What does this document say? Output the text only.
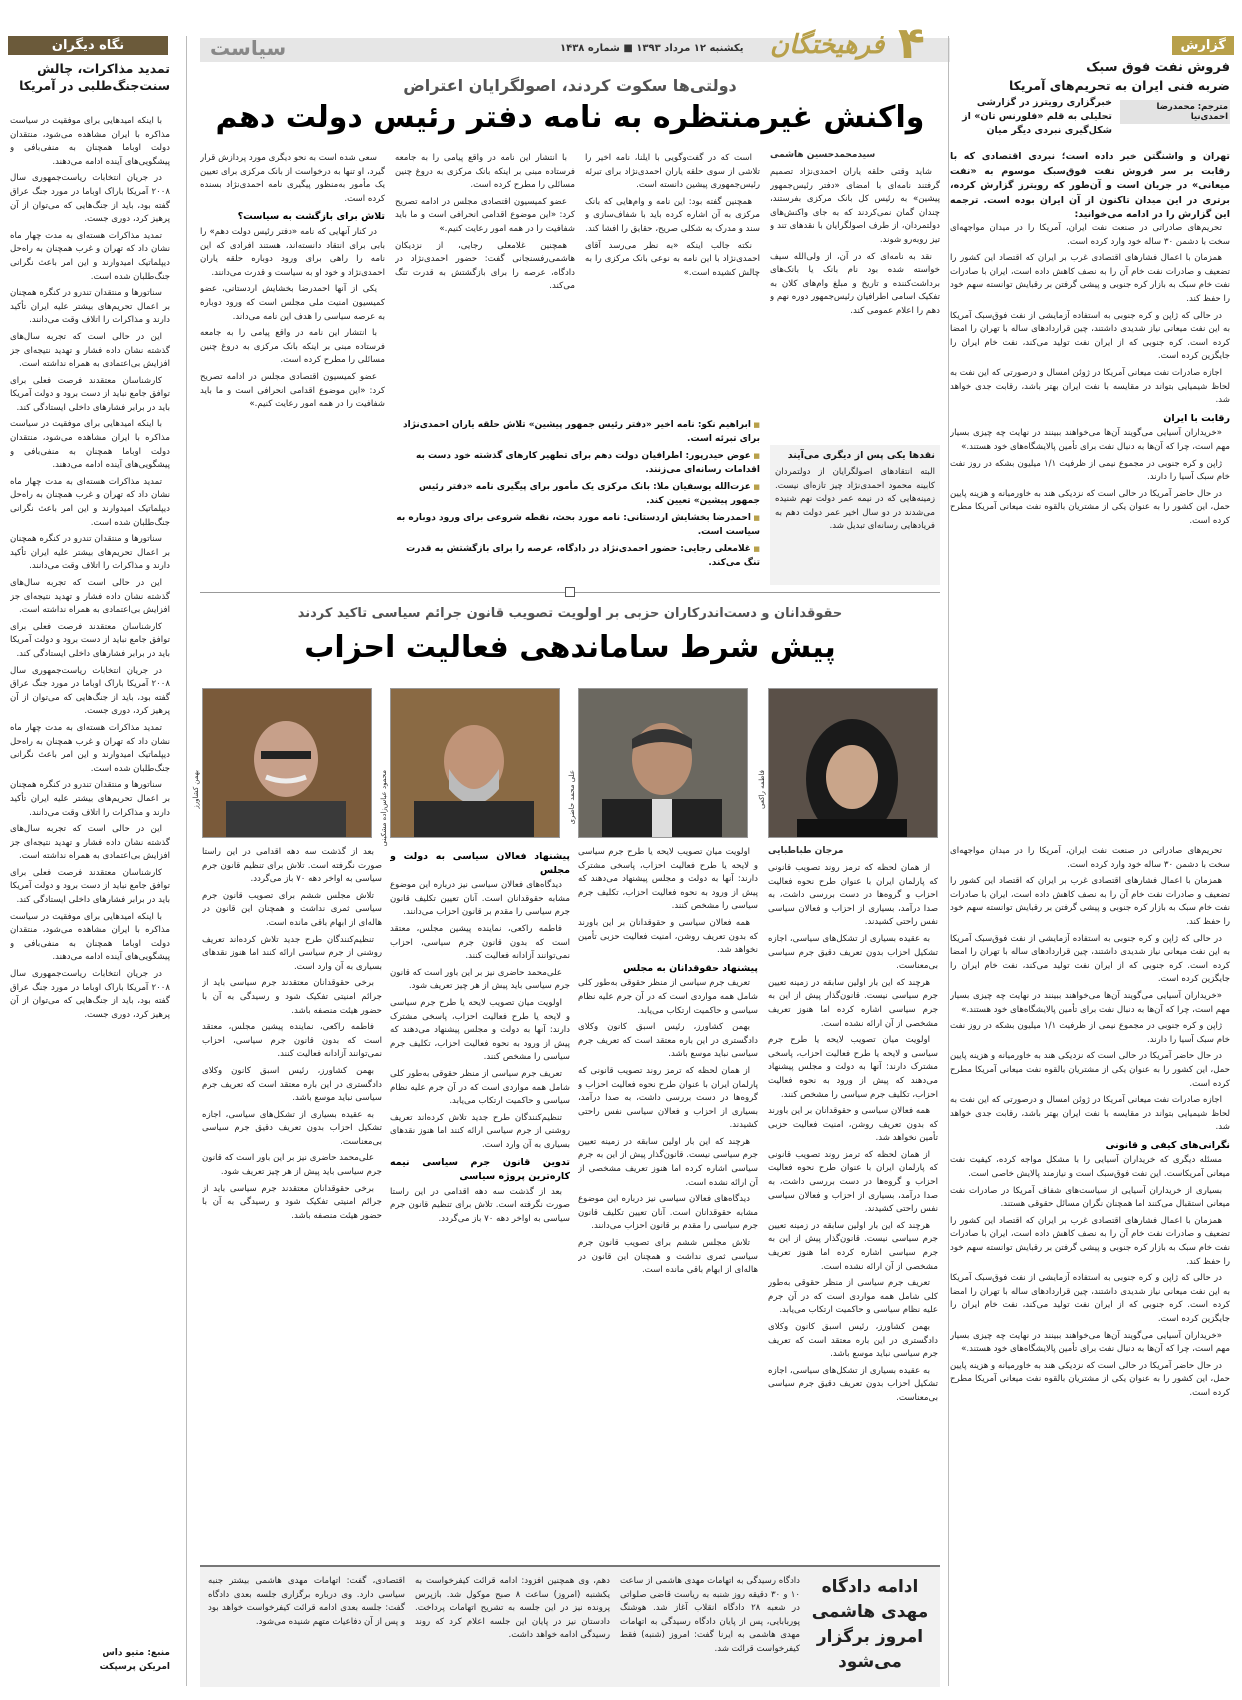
سیاست	یکشنبه ۱۲ مرداد ۱۳۹۳ ■ شماره ۱۴۳۸ فرهیختگان ۴	گزارش
فروش نفت فوق سبک
ضربه فنی ایران به تحریم‌های آمریکا
مترجم: محمدرضا احمدی‌نیا
خبرگزاری رویترز در گزارشی تحلیلی به قلم «فلورنس تان» از شکل‌گیری نبردی دیگر میان
تهران و واشنگتن خبر داده است؛ نبردی اقتصادی که با رقابت بر سر فروش نفت فوق‌سبک موسوم به «نفت میعانی» در جریان است و آن‌طور که رویترز گزارش کرده، برتری در این میدان تاکنون از آن ایران بوده است. ترجمه این گزارش را در ادامه می‌خوانید:

تحریم‌های صادراتی در صنعت نفت ایران، آمریکا را در میدان مواجهه‌ای سخت با دشمن ۳۰ ساله خود وارد کرده است.

همزمان با اعمال فشارهای اقتصادی غرب بر ایران که اقتصاد این کشور را تضعیف و صادرات نفت خام آن را به نصف کاهش داده است، ایران با صادرات نفت خام سبک به بازار کره جنوبی و پیشی گرفتن بر رقبایش توانسته سهم خود را حفظ کند.

در حالی که ژاپن و کره جنوبی به استفاده آزمایشی از نفت فوق‌سبک آمریکا به این نفت میعانی نیاز شدیدی داشتند، چین قراردادهای ساله با تهران را امضا کرده است. کره جنوبی که از ایران نفت تولید می‌کند، نفت خام ایران را جایگزین کرده است.

اجازه صادرات نفت میعانی آمریکا در ژوئن امسال و درصورتی که این نفت به لحاظ شیمیایی بتواند در مقایسه با نفت ایران بهتر باشد، رقابت جدی خواهد شد.

رقابت با ایران

«خریداران آسیایی می‌گویند آن‌ها می‌خواهند ببینند در نهایت چه چیزی بسیار مهم است، چرا که آن‌ها به دنبال نفت برای تأمین پالایشگاه‌های خود هستند.»

ژاپن و کره جنوبی در مجموع نیمی از ظرفیت ۱/۱ میلیون بشکه در روز نفت خام سبک آسیا را دارند.

در حال حاضر آمریکا در حالی است که نزدیکی هند به خاورمیانه و هزینه پایین حمل، این کشور را به عنوان یکی از مشتریان بالقوه نفت میعانی آمریکا مطرح کرده است.

تحریم‌های صادراتی در صنعت نفت ایران، آمریکا را در میدان مواجهه‌ای سخت با دشمن ۳۰ ساله خود وارد کرده است.

همزمان با اعمال فشارهای اقتصادی غرب بر ایران که اقتصاد این کشور را تضعیف و صادرات نفت خام آن را به نصف کاهش داده است، ایران با صادرات نفت خام سبک به بازار کره جنوبی و پیشی گرفتن بر رقبایش توانسته سهم خود را حفظ کند.

در حالی که ژاپن و کره جنوبی به استفاده آزمایشی از نفت فوق‌سبک آمریکا به این نفت میعانی نیاز شدیدی داشتند، چین قراردادهای ساله با تهران را امضا کرده است. کره جنوبی که از ایران نفت تولید می‌کند، نفت خام ایران را جایگزین کرده است.

«خریداران آسیایی می‌گویند آن‌ها می‌خواهند ببینند در نهایت چه چیزی بسیار مهم است، چرا که آن‌ها به دنبال نفت برای تأمین پالایشگاه‌های خود هستند.»

ژاپن و کره جنوبی در مجموع نیمی از ظرفیت ۱/۱ میلیون بشکه در روز نفت خام سبک آسیا را دارند.

در حال حاضر آمریکا در حالی است که نزدیکی هند به خاورمیانه و هزینه پایین حمل، این کشور را به عنوان یکی از مشتریان بالقوه نفت میعانی آمریکا مطرح کرده است.

اجازه صادرات نفت میعانی آمریکا در ژوئن امسال و درصورتی که این نفت به لحاظ شیمیایی بتواند در مقایسه با نفت ایران بهتر باشد، رقابت جدی خواهد شد.

نگرانی‌های کیفی و قانونی

مسئله دیگری که خریداران آسیایی را با مشکل مواجه کرده، کیفیت نفت میعانی آمریکاست. این نفت فوق‌سبک است و نیازمند پالایش خاصی است.

بسیاری از خریداران آسیایی از سیاست‌های شفاف آمریکا در صادرات نفت میعانی استقبال می‌کنند اما همچنان نگران مسائل حقوقی هستند.

همزمان با اعمال فشارهای اقتصادی غرب بر ایران که اقتصاد این کشور را تضعیف و صادرات نفت خام آن را به نصف کاهش داده است، ایران با صادرات نفت خام سبک به بازار کره جنوبی و پیشی گرفتن بر رقبایش توانسته سهم خود را حفظ کند.

در حالی که ژاپن و کره جنوبی به استفاده آزمایشی از نفت فوق‌سبک آمریکا به این نفت میعانی نیاز شدیدی داشتند، چین قراردادهای ساله با تهران را امضا کرده است. کره جنوبی که از ایران نفت تولید می‌کند، نفت خام ایران را جایگزین کرده است.

«خریداران آسیایی می‌گویند آن‌ها می‌خواهند ببینند در نهایت چه چیزی بسیار مهم است، چرا که آن‌ها به دنبال نفت برای تأمین پالایشگاه‌های خود هستند.»

در حال حاضر آمریکا در حالی است که نزدیکی هند به خاورمیانه و هزینه پایین حمل، این کشور را به عنوان یکی از مشتریان بالقوه نفت میعانی آمریکا مطرح کرده است.

نگاه دیگران
تمدید مذاکرات، چالش سنت‌جنگ‌طلبی در آمریکا

با اینکه امیدهایی برای موفقیت در سیاست مذاکره با ایران مشاهده می‌شود، منتقدان دولت اوباما همچنان به منفی‌بافی و پیشگویی‌های آینده ادامه می‌دهند.

در جریان انتخابات ریاست‌جمهوری سال ۲۰۰۸ آمریکا باراک اوباما در مورد جنگ عراق گفته بود، باید از جنگ‌هایی که می‌توان از آن پرهیز کرد، دوری جست.

تمدید مذاکرات هسته‌ای به مدت چهار ماه نشان داد که تهران و غرب همچنان به راه‌حل دیپلماتیک امیدوارند و این امر باعث نگرانی جنگ‌طلبان شده است.

سناتورها و منتقدان تندرو در کنگره همچنان بر اعمال تحریم‌های بیشتر علیه ایران تأکید دارند و مذاکرات را اتلاف وقت می‌دانند.

این در حالی است که تجربه سال‌های گذشته نشان داده فشار و تهدید نتیجه‌ای جز افزایش بی‌اعتمادی به همراه نداشته است.

کارشناسان معتقدند فرصت فعلی برای توافق جامع نباید از دست برود و دولت آمریکا باید در برابر فشارهای داخلی ایستادگی کند.

با اینکه امیدهایی برای موفقیت در سیاست مذاکره با ایران مشاهده می‌شود، منتقدان دولت اوباما همچنان به منفی‌بافی و پیشگویی‌های آینده ادامه می‌دهند.

تمدید مذاکرات هسته‌ای به مدت چهار ماه نشان داد که تهران و غرب همچنان به راه‌حل دیپلماتیک امیدوارند و این امر باعث نگرانی جنگ‌طلبان شده است.

سناتورها و منتقدان تندرو در کنگره همچنان بر اعمال تحریم‌های بیشتر علیه ایران تأکید دارند و مذاکرات را اتلاف وقت می‌دانند.

این در حالی است که تجربه سال‌های گذشته نشان داده فشار و تهدید نتیجه‌ای جز افزایش بی‌اعتمادی به همراه نداشته است.

کارشناسان معتقدند فرصت فعلی برای توافق جامع نباید از دست برود و دولت آمریکا باید در برابر فشارهای داخلی ایستادگی کند.

در جریان انتخابات ریاست‌جمهوری سال ۲۰۰۸ آمریکا باراک اوباما در مورد جنگ عراق گفته بود، باید از جنگ‌هایی که می‌توان از آن پرهیز کرد، دوری جست.

تمدید مذاکرات هسته‌ای به مدت چهار ماه نشان داد که تهران و غرب همچنان به راه‌حل دیپلماتیک امیدوارند و این امر باعث نگرانی جنگ‌طلبان شده است.

سناتورها و منتقدان تندرو در کنگره همچنان بر اعمال تحریم‌های بیشتر علیه ایران تأکید دارند و مذاکرات را اتلاف وقت می‌دانند.

این در حالی است که تجربه سال‌های گذشته نشان داده فشار و تهدید نتیجه‌ای جز افزایش بی‌اعتمادی به همراه نداشته است.

کارشناسان معتقدند فرصت فعلی برای توافق جامع نباید از دست برود و دولت آمریکا باید در برابر فشارهای داخلی ایستادگی کند.

با اینکه امیدهایی برای موفقیت در سیاست مذاکره با ایران مشاهده می‌شود، منتقدان دولت اوباما همچنان به منفی‌بافی و پیشگویی‌های آینده ادامه می‌دهند.

در جریان انتخابات ریاست‌جمهوری سال ۲۰۰۸ آمریکا باراک اوباما در مورد جنگ عراق گفته بود، باید از جنگ‌هایی که می‌توان از آن پرهیز کرد، دوری جست.

منبع: متیو داس
امریکن پرسپکت
دولتی‌ها سکوت کردند، اصولگرایان اعتراض
واکنش غیرمنتظره به نامه دفتر رئیس دولت دهم
سیدمحمدحسین هاشمی

شاید وقتی حلقه یاران احمدی‌نژاد تصمیم گرفتند نامه‌ای با امضای «دفتر رئیس‌جمهور پیشین» به رئیس کل بانک مرکزی بفرستند، چندان گمان نمی‌کردند که به جای واکنش‌های دولتمردان، از طرف اصولگرایان با نقدهای تند و تیز روبه‌رو شوند.

نقد به نامه‌ای که در آن، از ولی‌الله سیف خواسته شده بود نام بانک یا بانک‌های برداشت‌کننده و تاریخ و مبلغ وام‌های کلان به تفکیک اسامی اطرافیان رئیس‌جمهور دوره نهم و دهم را اعلام عمومی کند.

است که در گفت‌وگویی با ایلنا، نامه اخیر را تلاشی از سوی حلقه یاران احمدی‌نژاد برای تبرئه رئیس‌جمهوری پیشین دانسته است.

همچنین گفته بود: این نامه و وام‌هایی که بانک مرکزی به آن اشاره کرده باید با شفاف‌سازی و سند و مدرک به شکلی صریح، حقایق را افشا کند.

نکته جالب اینکه «به نظر می‌رسد آقای احمدی‌نژاد با این نامه به نوعی بانک مرکزی را به چالش کشیده است.»

با انتشار این نامه در واقع پیامی را به جامعه فرستاده مبنی بر اینکه بانک مرکزی به دروغ چنین مسائلی را مطرح کرده است.

عضو کمیسیون اقتصادی مجلس در ادامه تصریح کرد: «این موضوع اقدامی انحرافی است و ما باید شفافیت را در همه امور رعایت کنیم.»

همچنین غلامعلی رجایی، از نزدیکان هاشمی‌رفسنجانی گفت: حضور احمدی‌نژاد در دادگاه، عرصه را برای بازگشتش به قدرت تنگ می‌کند.

سعی شده است به نحو دیگری مورد پردازش قرار گیرد، او تنها به درخواست از بانک مرکزی برای تعیین یک مأمور به‌منظور پیگیری نامه احمدی‌نژاد بسنده کرده است.

تلاش برای بازگشت به سیاست؟

در کنار آنهایی که نامه «دفتر رئیس دولت دهم» را بابی برای انتقاد دانسته‌اند، هستند افرادی که این نامه را راهی برای ورود دوباره حلقه یاران احمدی‌نژاد و خود او به سیاست و قدرت می‌دانند.

یکی از آنها احمدرضا بخشایش اردستانی، عضو کمیسیون امنیت ملی مجلس است که ورود دوباره به عرصه سیاسی را هدف این نامه می‌داند.

با انتشار این نامه در واقع پیامی را به جامعه فرستاده مبنی بر اینکه بانک مرکزی به دروغ چنین مسائلی را مطرح کرده است.

عضو کمیسیون اقتصادی مجلس در ادامه تصریح کرد: «این موضوع اقدامی انحرافی است و ما باید شفافیت را در همه امور رعایت کنیم.»

نقدها یکی پس از دیگری می‌آیند
البته انتقادهای اصولگرایان از دولتمردان کابینه محمود احمدی‌نژاد چیز تازه‌ای نیست. زمینه‌هایی که در نیمه عمر دولت نهم شنیده می‌شدند در دو سال اخیر عمر دولت دهم به فریادهایی رسانه‌ای تبدیل شد.
■ ابراهیم نکو: نامه اخیر «دفتر رئیس جمهور پیشین» تلاش حلقه یاران احمدی‌نژاد برای تبرئه است.
■ عوض حیدرپور: اطرافیان دولت دهم برای تطهیر کارهای گذشته خود دست به اقدامات رسانه‌ای می‌زنند.
■ عزت‌الله یوسفیان ملا: بانک مرکزی یک مأمور برای پیگیری نامه «دفتر رئیس جمهور پیشین» تعیین کند.
■ احمدرضا بخشایش اردستانی: نامه مورد بحث، نقطه شروعی برای ورود دوباره به سیاست است.
■ غلامعلی رجایی: حضور احمدی‌نژاد در دادگاه، عرصه را برای بازگشتش به قدرت تنگ می‌کند.
حقوقدانان و دست‌اندرکاران حزبی بر اولویت تصویب قانون جرائم سیاسی تاکید کردند
پیش شرط ساماندهی فعالیت احزاب
فاطمه راکعی
علی محمد حاضری
محمود عباس‌زاده مشکینی
بهمن کشاورز
مرجان طباطبایی

از همان لحظه که ترمز روند تصویب قانونی که پارلمان ایران با عنوان طرح نحوه فعالیت احزاب و گروه‌ها در دست بررسی داشت، به صدا درآمد، بسیاری از احزاب و فعالان سیاسی نفس راحتی کشیدند.

به عقیده بسیاری از تشکل‌های سیاسی، اجازه تشکیل احزاب بدون تعریف دقیق جرم سیاسی بی‌معناست.

هرچند که این بار اولین سابقه در زمینه تعیین جرم سیاسی نیست. قانون‌گذار پیش از این به جرم سیاسی اشاره کرده اما هنوز تعریف مشخصی از آن ارائه نشده است.

اولویت میان تصویب لایحه یا طرح جرم سیاسی و لایحه یا طرح فعالیت احزاب، پاسخی مشترک دارند: آنها به دولت و مجلس پیشنهاد می‌دهند که پیش از ورود به نحوه فعالیت احزاب، تکلیف جرم سیاسی را مشخص کنند.

همه فعالان سیاسی و حقوقدانان بر این باورند که بدون تعریف روشن، امنیت فعالیت حزبی تأمین نخواهد شد.

از همان لحظه که ترمز روند تصویب قانونی که پارلمان ایران با عنوان طرح نحوه فعالیت احزاب و گروه‌ها در دست بررسی داشت، به صدا درآمد، بسیاری از احزاب و فعالان سیاسی نفس راحتی کشیدند.

هرچند که این بار اولین سابقه در زمینه تعیین جرم سیاسی نیست. قانون‌گذار پیش از این به جرم سیاسی اشاره کرده اما هنوز تعریف مشخصی از آن ارائه نشده است.

تعریف جرم سیاسی از منظر حقوقی به‌طور کلی شامل همه مواردی است که در آن جرم علیه نظام سیاسی و حاکمیت ارتکاب می‌یابد.

بهمن کشاورز، رئیس اسبق کانون وکلای دادگستری در این باره معتقد است که تعریف جرم سیاسی نباید موسع باشد.

به عقیده بسیاری از تشکل‌های سیاسی، اجازه تشکیل احزاب بدون تعریف دقیق جرم سیاسی بی‌معناست.

اولویت میان تصویب لایحه یا طرح جرم سیاسی و لایحه یا طرح فعالیت احزاب، پاسخی مشترک دارند: آنها به دولت و مجلس پیشنهاد می‌دهند که پیش از ورود به نحوه فعالیت احزاب، تکلیف جرم سیاسی را مشخص کنند.

همه فعالان سیاسی و حقوقدانان بر این باورند که بدون تعریف روشن، امنیت فعالیت حزبی تأمین نخواهد شد.

پیشنهاد حقوقدانان به مجلس

تعریف جرم سیاسی از منظر حقوقی به‌طور کلی شامل همه مواردی است که در آن جرم علیه نظام سیاسی و حاکمیت ارتکاب می‌یابد.

بهمن کشاورز، رئیس اسبق کانون وکلای دادگستری در این باره معتقد است که تعریف جرم سیاسی نباید موسع باشد.

از همان لحظه که ترمز روند تصویب قانونی که پارلمان ایران با عنوان طرح نحوه فعالیت احزاب و گروه‌ها در دست بررسی داشت، به صدا درآمد، بسیاری از احزاب و فعالان سیاسی نفس راحتی کشیدند.

هرچند که این بار اولین سابقه در زمینه تعیین جرم سیاسی نیست. قانون‌گذار پیش از این به جرم سیاسی اشاره کرده اما هنوز تعریف مشخصی از آن ارائه نشده است.

دیدگاه‌های فعالان سیاسی نیز درباره این موضوع مشابه حقوقدانان است. آنان تعیین تکلیف قانون جرم سیاسی را مقدم بر قانون احزاب می‌دانند.

تلاش مجلس ششم برای تصویب قانون جرم سیاسی ثمری نداشت و همچنان این قانون در هاله‌ای از ابهام باقی مانده است.

پیشنهاد فعالان سیاسی به دولت و مجلس

دیدگاه‌های فعالان سیاسی نیز درباره این موضوع مشابه حقوقدانان است. آنان تعیین تکلیف قانون جرم سیاسی را مقدم بر قانون احزاب می‌دانند.

فاطمه راکعی، نماینده پیشین مجلس، معتقد است که بدون قانون جرم سیاسی، احزاب نمی‌توانند آزادانه فعالیت کنند.

علی‌محمد حاضری نیز بر این باور است که قانون جرم سیاسی باید پیش از هر چیز تعریف شود.

اولویت میان تصویب لایحه یا طرح جرم سیاسی و لایحه یا طرح فعالیت احزاب، پاسخی مشترک دارند: آنها به دولت و مجلس پیشنهاد می‌دهند که پیش از ورود به نحوه فعالیت احزاب، تکلیف جرم سیاسی را مشخص کنند.

تعریف جرم سیاسی از منظر حقوقی به‌طور کلی شامل همه مواردی است که در آن جرم علیه نظام سیاسی و حاکمیت ارتکاب می‌یابد.

تنظیم‌کنندگان طرح جدید تلاش کرده‌اند تعریف روشنی از جرم سیاسی ارائه کنند اما هنوز نقدهای بسیاری به آن وارد است.

تدوین قانون جرم سیاسی نیمه کاره‌ترین پروژه سیاسی

بعد از گذشت سه دهه اقدامی در این راستا صورت نگرفته است. تلاش برای تنظیم قانون جرم سیاسی به اواخر دهه ۷۰ باز می‌گردد.

بعد از گذشت سه دهه اقدامی در این راستا صورت نگرفته است. تلاش برای تنظیم قانون جرم سیاسی به اواخر دهه ۷۰ باز می‌گردد.

تلاش مجلس ششم برای تصویب قانون جرم سیاسی ثمری نداشت و همچنان این قانون در هاله‌ای از ابهام باقی مانده است.

تنظیم‌کنندگان طرح جدید تلاش کرده‌اند تعریف روشنی از جرم سیاسی ارائه کنند اما هنوز نقدهای بسیاری به آن وارد است.

برخی حقوقدانان معتقدند جرم سیاسی باید از جرائم امنیتی تفکیک شود و رسیدگی به آن با حضور هیئت منصفه باشد.

فاطمه راکعی، نماینده پیشین مجلس، معتقد است که بدون قانون جرم سیاسی، احزاب نمی‌توانند آزادانه فعالیت کنند.

بهمن کشاورز، رئیس اسبق کانون وکلای دادگستری در این باره معتقد است که تعریف جرم سیاسی نباید موسع باشد.

به عقیده بسیاری از تشکل‌های سیاسی، اجازه تشکیل احزاب بدون تعریف دقیق جرم سیاسی بی‌معناست.

علی‌محمد حاضری نیز بر این باور است که قانون جرم سیاسی باید پیش از هر چیز تعریف شود.

برخی حقوقدانان معتقدند جرم سیاسی باید از جرائم امنیتی تفکیک شود و رسیدگی به آن با حضور هیئت منصفه باشد.

ادامه دادگاه مهدی هاشمی امروز برگزار می‌شود
دادگاه رسیدگی به اتهامات مهدی هاشمی از ساعت ۱۰ و ۳۰ دقیقه روز شنبه به ریاست قاضی صلواتی در شعبه ۲۸ دادگاه انقلاب آغاز شد. هوشنگ پوربابایی، پس از پایان دادگاه رسیدگی به اتهامات مهدی هاشمی به ایرنا گفت: امروز (شنبه) فقط کیفرخواست قرائت شد.
دهم، وی همچنین افزود: ادامه قرائت کیفرخواست به یکشنبه (امروز) ساعت ۸ صبح موکول شد. بازپرس پرونده نیز در این جلسه به تشریح اتهامات پرداخت. دادستان نیز در پایان این جلسه اعلام کرد که روند رسیدگی ادامه خواهد داشت.
اقتصادی، گفت: اتهامات مهدی هاشمی بیشتر جنبه سیاسی دارد. وی درباره برگزاری جلسه بعدی دادگاه گفت: جلسه بعدی ادامه قرائت کیفرخواست خواهد بود و پس از آن دفاعیات متهم شنیده می‌شود.
